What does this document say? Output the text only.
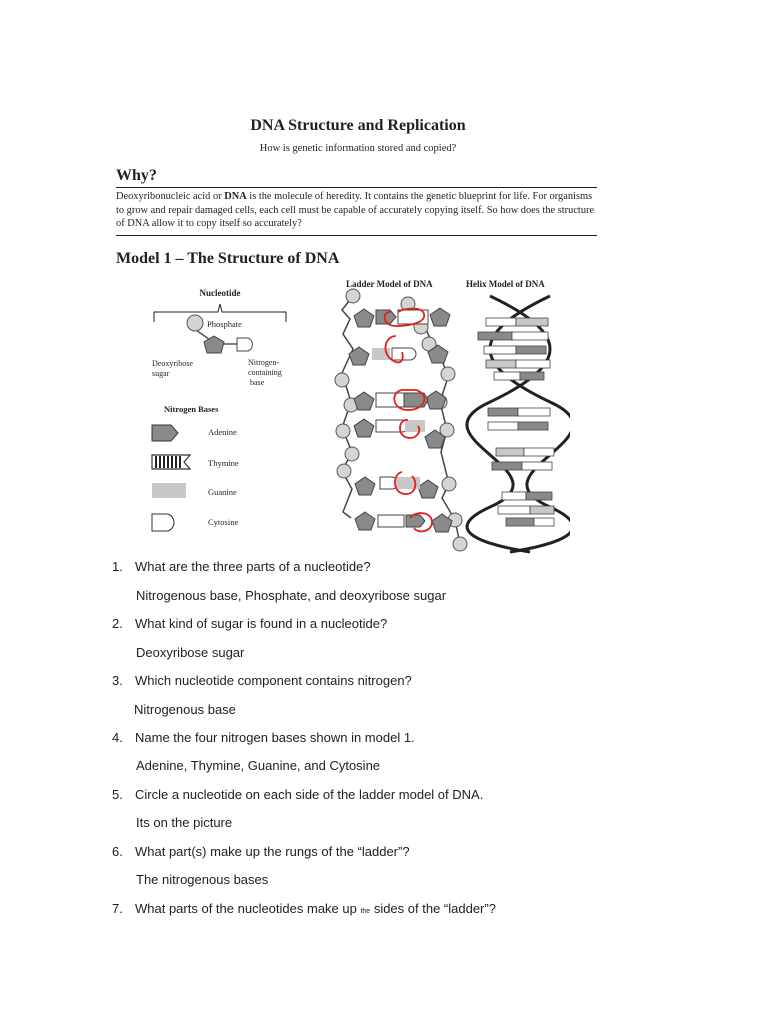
DNA Structure and Replication
How is genetic information stored and copied?
Why?
Deoxyribonucleic acid or DNA is the molecule of heredity. It contains the genetic blueprint for life. For organisms to grow and repair damaged cells, each cell must be capable of accurately copying itself. So how does the structure of DNA allow it to copy itself so accurately?
Model 1 – The Structure of DNA
Nucleotide
Phosphate
Deoxyribose
sugar
Nitrogen-
containing
base
Nitrogen Bases
Adenine
Thymine
Guanine
Cytosine
Ladder Model of DNA	Helix Model of DNA
1. What are the three parts of a nucleotide?
Nitrogenous base, Phosphate, and deoxyribose sugar
2. What kind of sugar is found in a nucleotide?
Deoxyribose sugar
3. Which nucleotide component contains nitrogen?
Nitrogenous base
4. Name the four nitrogen bases shown in model 1.
Adenine, Thymine, Guanine, and Cytosine
5. Circle a nucleotide on each side of the ladder model of DNA.
Its on the picture
6. What part(s) make up the rungs of the “ladder”?
The nitrogenous bases
7. What parts of the nucleotides make up the sides of the “ladder”?
